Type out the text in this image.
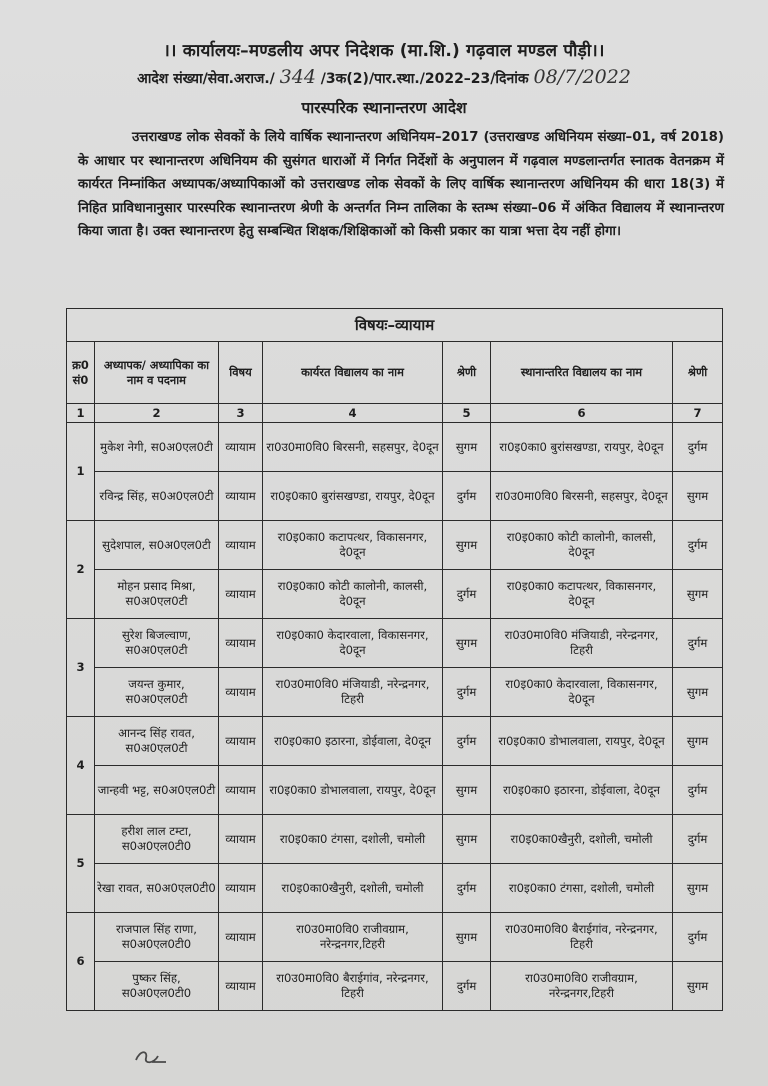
।। कार्यालयः–मण्डलीय अपर निदेशक (मा.शि.) गढ़वाल मण्डल पौड़ी।।
आदेश संख्या/सेवा.अराज./ 344 /3क(2)/पार.स्था./2022–23/दिनांक 08/7/2022
पारस्परिक स्थानान्तरण आदेश
उत्तराखण्ड लोक सेवकों के लिये वार्षिक स्थानान्तरण अधिनियम–2017 (उत्तराखण्ड अधिनियम संख्या–01, वर्ष 2018) के आधार पर स्थानान्तरण अधिनियम की सुसंगत धाराओं में निर्गत निर्देशों के अनुपालन में गढ़वाल मण्डलान्तर्गत स्नातक वेतनक्रम में कार्यरत निम्नांकित अध्यापक/अध्यापिकाओं को उत्तराखण्ड लोक सेवकों के लिए वार्षिक स्थानान्तरण अधिनियम की धारा 18(3) में निहित प्राविधानानुसार पारस्परिक स्थानान्तरण श्रेणी के अन्तर्गत निम्न तालिका के स्तम्भ संख्या–06 में अंकित विद्यालय में स्थानान्तरण किया जाता है। उक्त स्थानान्तरण हेतु सम्बन्धित शिक्षक/शिक्षिकाओं को किसी प्रकार का यात्रा भत्ता देय नहीं होगा।
विषयः–व्यायाम						
क्र0 सं0	अध्यापक/ अध्यापिका का नाम व पदनाम	विषय	कार्यरत विद्यालय का नाम	श्रेणी	स्थानान्तरित विद्यालय का नाम	श्रेणी
1	2	3	4	5	6	7
1	मुकेश नेगी, स0अ0एल0टी	व्यायाम	रा0उ0मा0वि0 बिरसनी, सहसपुर, दे0दून	सुगम	रा0इ0का0 बुरांसखण्डा, रायपुर, दे0दून	दुर्गम
	रविन्द्र सिंह, स0अ0एल0टी	व्यायाम	रा0इ0का0 बुरांसखण्डा, रायपुर, दे0दून	दुर्गम	रा0उ0मा0वि0 बिरसनी, सहसपुर, दे0दून	सुगम
2	सुदेशपाल, स0अ0एल0टी	व्यायाम	रा0इ0का0 कटापत्थर, विकासनगर, दे0दून	सुगम	रा0इ0का0 कोटी कालोनी, कालसी, दे0दून	दुर्गम
	मोहन प्रसाद मिश्रा, स0अ0एल0टी	व्यायाम	रा0इ0का0 कोटी कालोनी, कालसी, दे0दून	दुर्गम	रा0इ0का0 कटापत्थर, विकासनगर, दे0दून	सुगम
3	सुरेश बिजल्वाण, स0अ0एल0टी	व्यायाम	रा0इ0का0 केदारवाला, विकासनगर, दे0दून	सुगम	रा0उ0मा0वि0 मंजियाडी, नरेन्द्रनगर, टिहरी	दुर्गम
	जयन्त कुमार, स0अ0एल0टी	व्यायाम	रा0उ0मा0वि0 मंजियाडी, नरेन्द्रनगर, टिहरी	दुर्गम	रा0इ0का0 केदारवाला, विकासनगर, दे0दून	सुगम
4	आनन्द सिंह रावत, स0अ0एल0टी	व्यायाम	रा0इ0का0 इठारना, डोईवाला, दे0दून	दुर्गम	रा0इ0का0 डोभालवाला, रायपुर, दे0दून	सुगम
	जान्हवी भट्ट, स0अ0एल0टी	व्यायाम	रा0इ0का0 डोभालवाला, रायपुर, दे0दून	सुगम	रा0इ0का0 इठारना, डोईवाला, दे0दून	दुर्गम
5	हरीश लाल टम्टा, स0अ0एल0टी0	व्यायाम	रा0इ0का0 टंगसा, दशोली, चमोली	सुगम	रा0इ0का0खैनुरी, दशोली, चमोली	दुर्गम
	रेखा रावत, स0अ0एल0टी0	व्यायाम	रा0इ0का0खैनुरी, दशोली, चमोली	दुर्गम	रा0इ0का0 टंगसा, दशोली, चमोली	सुगम
6	राजपाल सिंह राणा, स0अ0एल0टी0	व्यायाम	रा0उ0मा0वि0 राजीवग्राम, नरेन्द्रनगर,टिहरी	सुगम	रा0उ0मा0वि0 बैराईगांव, नरेन्द्रनगर, टिहरी	दुर्गम
	पुष्कर सिंह, स0अ0एल0टी0	व्यायाम	रा0उ0मा0वि0 बैराईगांव, नरेन्द्रनगर, टिहरी	दुर्गम	रा0उ0मा0वि0 राजीवग्राम, नरेन्द्रनगर,टिहरी	सुगम
